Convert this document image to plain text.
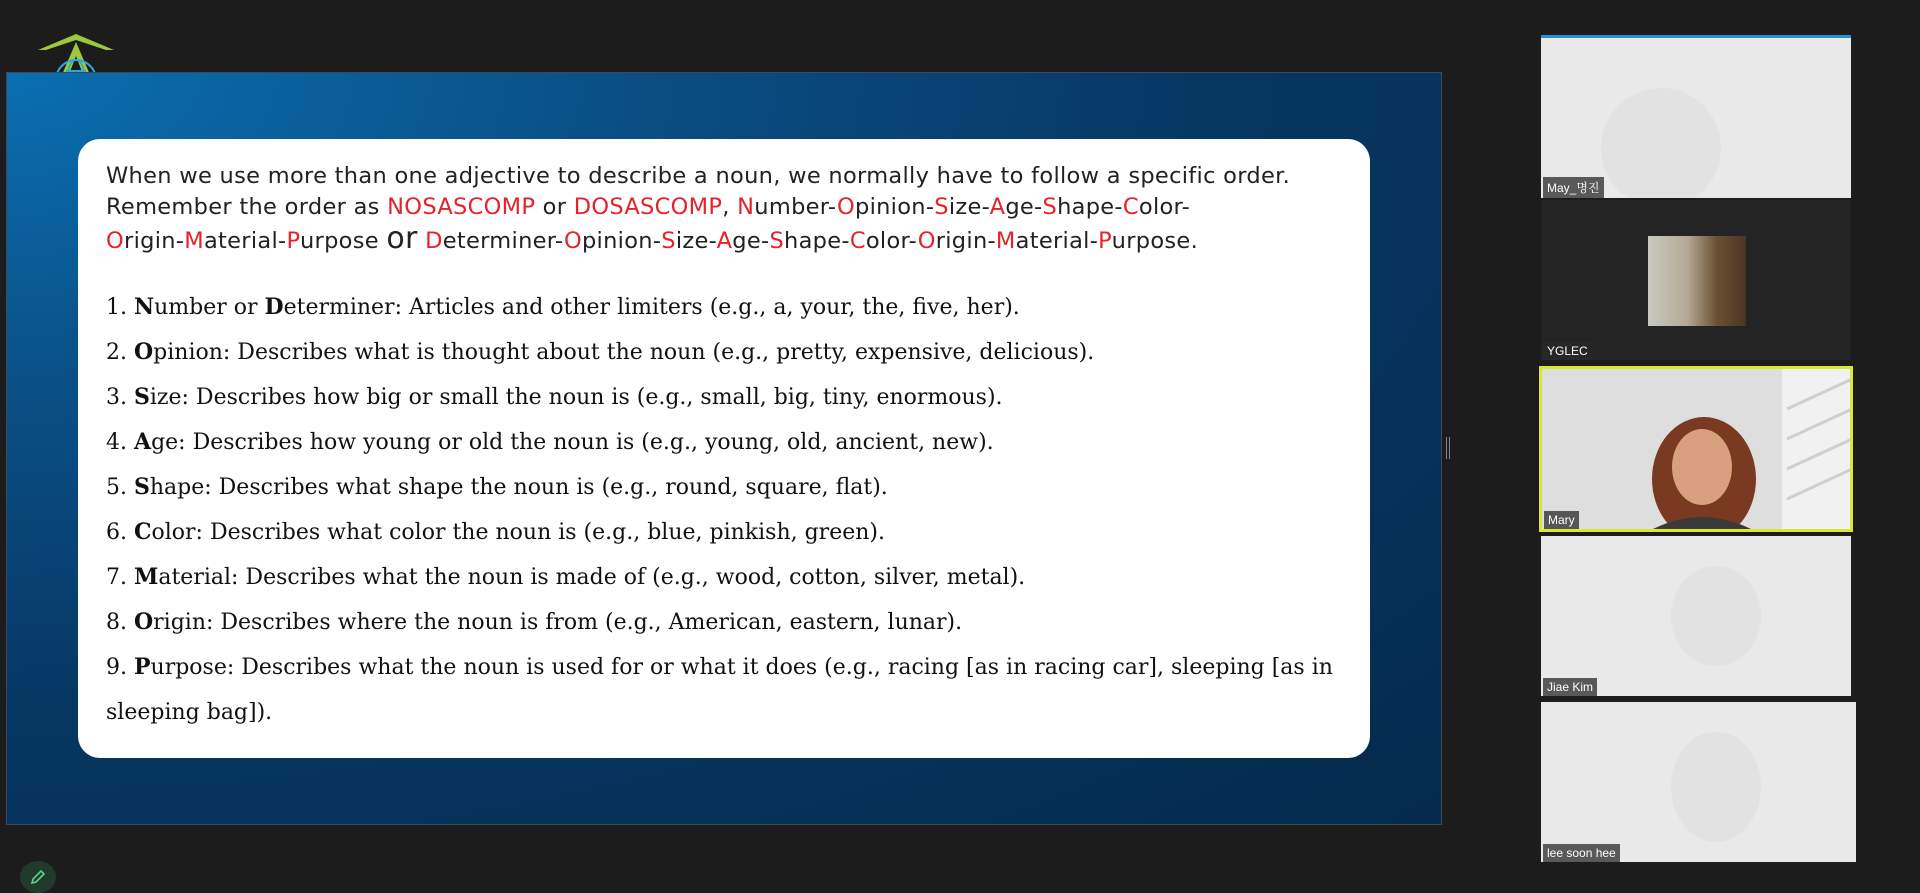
When we use more than one adjective to describe a noun, we normally have to follow a specific order.
Remember the order as NOSASCOMP or DOSASCOMP, Number-Opinion-Size-Age-Shape-Color-
Origin-Material-Purpose or Determiner-Opinion-Size-Age-Shape-Color-Origin-Material-Purpose.
1. Number or Determiner: Articles and other limiters (e.g., a, your, the, five, her).
2. Opinion: Describes what is thought about the noun (e.g., pretty, expensive, delicious).
3. Size: Describes how big or small the noun is (e.g., small, big, tiny, enormous).
4. Age: Describes how young or old the noun is (e.g., young, old, ancient, new).
5. Shape: Describes what shape the noun is (e.g., round, square, flat).
6. Color: Describes what color the noun is (e.g., blue, pinkish, green).
7. Material: Describes what the noun is made of (e.g., wood, cotton, silver, metal).
8. Origin: Describes where the noun is from (e.g., American, eastern, lunar).
9. Purpose: Describes what the noun is used for or what it does (e.g., racing [as in racing car], sleeping [as in sleeping bag]).
May_명진
YGLEC
Mary
Jiae Kim
lee soon hee
